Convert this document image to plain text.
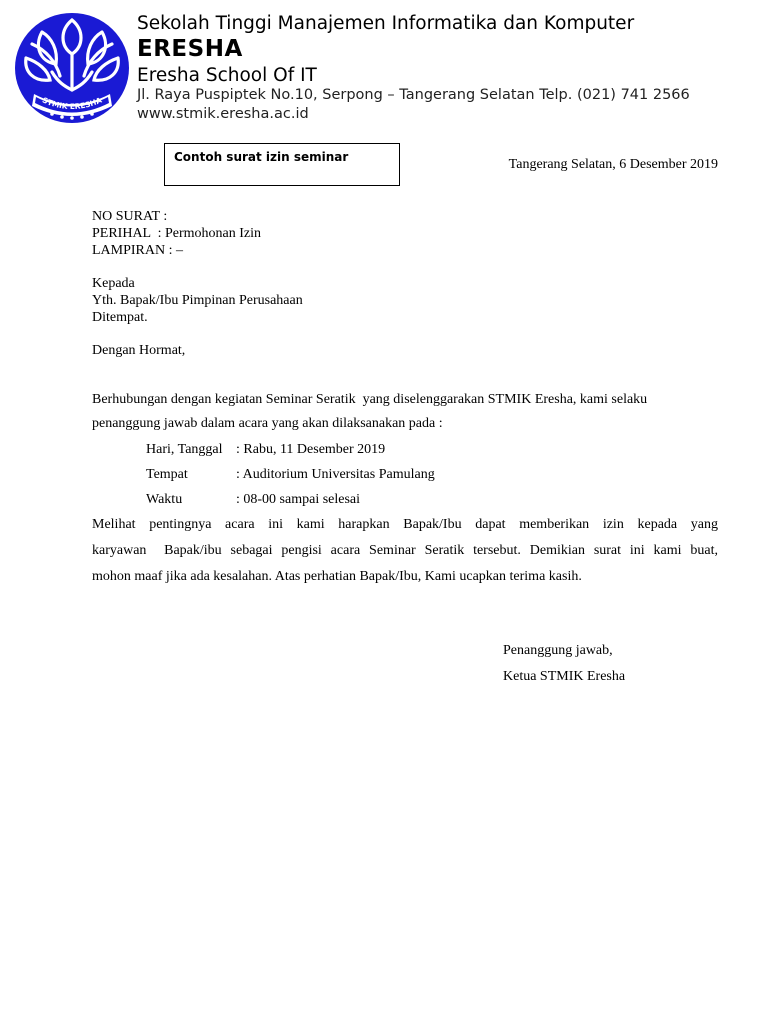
STMIK ERESHA
Sekolah Tinggi Manajemen Informatika dan Komputer
ERESHA
Eresha School Of IT
Jl. Raya Puspiptek No.10, Serpong – Tangerang Selatan Telp. (021) 741 2566
www.stmik.eresha.ac.id
Contoh surat izin seminar	Tangerang Selatan, 6 Desember 2019
NO SURAT :
PERIHAL  : Permohonan Izin
LAMPIRAN : –
Kepada
Yth. Bapak/Ibu Pimpinan Perusahaan
Ditempat.
Dengan Hormat,
Berhubungan dengan kegiatan Seminar Seratik  yang diselenggarakan STMIK Eresha, kami selaku
penanggung jawab dalam acara yang akan dilaksanakan pada :
Hari, Tanggal : Rabu, 11 Desember 2019
Tempat	: Auditorium Universitas Pamulang
Waktu	: 08-00 sampai selesai
Melihat pentingnya acara ini kami harapkan Bapak/Ibu dapat memberikan izin kepada yang
karyawan  Bapak/ibu sebagai pengisi acara Seminar Seratik tersebut. Demikian surat ini kami buat,
mohon maaf jika ada kesalahan. Atas perhatian Bapak/Ibu, Kami ucapkan terima kasih.
Penanggung jawab,
Ketua STMIK Eresha
